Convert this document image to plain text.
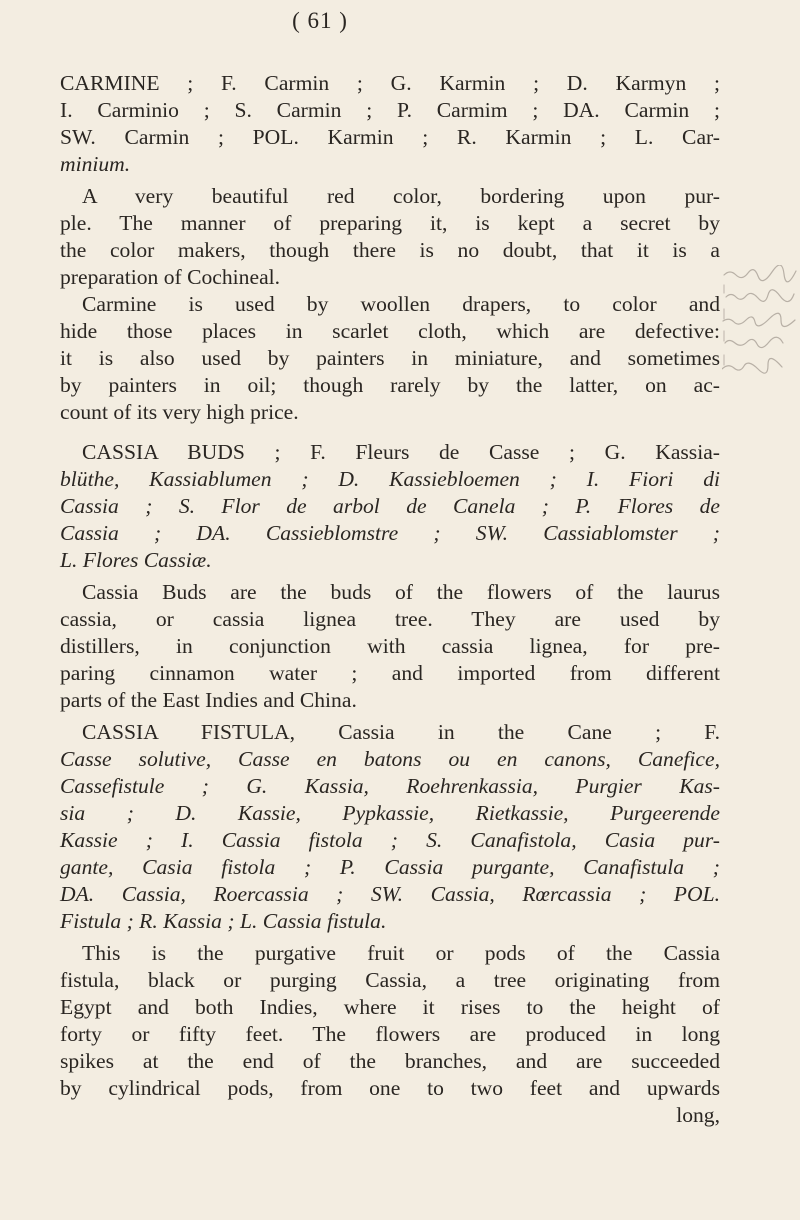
( 61 )
CARMINE ; F. Carmin ; G. Karmin ; D. Karmyn ;
I. Carminio ; S. Carmin ; P. Carmim ; DA. Carmin ;
SW. Carmin ; POL. Karmin ; R. Karmin ; L. Car-
minium.
A very beautiful red color, bordering upon pur-
ple. The manner of preparing it, is kept a secret by
the color makers, though there is no doubt, that it is a
preparation of Cochineal.
Carmine is used by woollen drapers, to color and
hide those places in scarlet cloth, which are defective:
it is also used by painters in miniature, and sometimes
by painters in oil; though rarely by the latter, on ac-
count of its very high price.
CASSIA BUDS ; F. Fleurs de Casse ; G. Kassia-
blüthe, Kassiablumen ; D. Kassiebloemen ; I. Fiori di
Cassia ; S. Flor de arbol de Canela ; P. Flores de
Cassia ; DA. Cassieblomstre ; SW. Cassiablomster ;
L. Flores Cassiæ.
Cassia Buds are the buds of the flowers of the laurus
cassia, or cassia lignea tree. They are used by
distillers, in conjunction with cassia lignea, for pre-
paring cinnamon water ; and imported from different
parts of the East Indies and China.
CASSIA FISTULA, Cassia in the Cane ; F.
Casse solutive, Casse en batons ou en canons, Canefice,
Cassefistule ; G. Kassia, Roehrenkassia, Purgier Kas-
sia ; D. Kassie, Pypkassie, Rietkassie, Purgeerende
Kassie ; I. Cassia fistola ; S. Canafistola, Casia pur-
gante, Casia fistola ; P. Cassia purgante, Canafistula ;
DA. Cassia, Roercassia ; SW. Cassia, Rœrcassia ; POL.
Fistula ; R. Kassia ; L. Cassia fistula.
This is the purgative fruit or pods of the Cassia
fistula, black or purging Cassia, a tree originating from
Egypt and both Indies, where it rises to the height of
forty or fifty feet. The flowers are produced in long
spikes at the end of the branches, and are succeeded
by cylindrical pods, from one to two feet and upwards
long,
